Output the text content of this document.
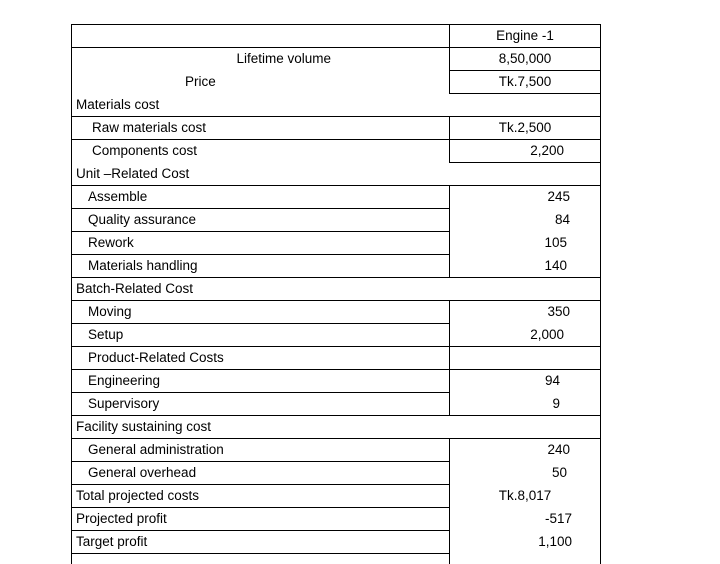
	Engine -1
Lifetime volume	8,50,000
Price	Tk.7,500
Materials cost	
Raw materials cost	Tk.2,500
Components cost	2,200
Unit –Related Cost	
Assemble	245
Quality assurance	84
Rework	105
Materials handling	140
Batch-Related Cost	
Moving	350
Setup	2,000
Product-Related Costs	
Engineering	94
Supervisory	9
Facility sustaining cost	
General administration	240
General overhead	50
Total projected costs	Tk.8,017
Projected profit	-517
Target profit	1,100
